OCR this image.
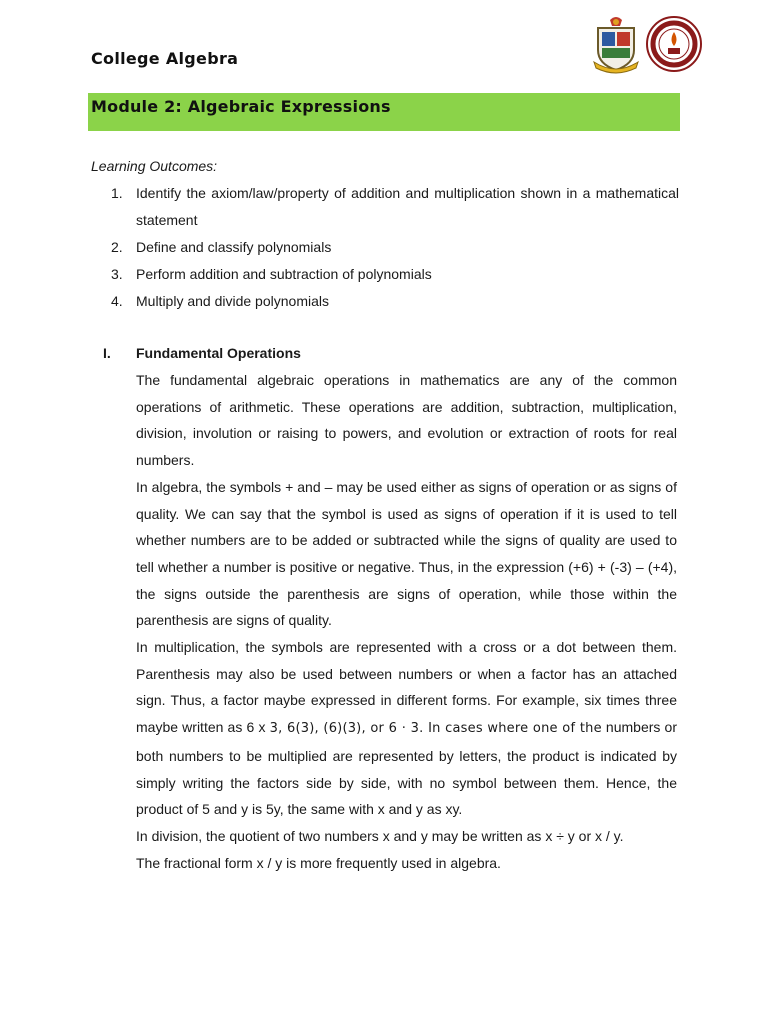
College Algebra
Module 2: Algebraic Expressions
Learning Outcomes:
1. Identify the axiom/law/property of addition and multiplication shown in a mathematical statement
2. Define and classify polynomials
3. Perform addition and subtraction of polynomials
4. Multiply and divide polynomials
I. Fundamental Operations

The fundamental algebraic operations in mathematics are any of the common operations of arithmetic. These operations are addition, subtraction, multiplication, division, involution or raising to powers, and evolution or extraction of roots for real numbers.

In algebra, the symbols + and – may be used either as signs of operation or as signs of quality. We can say that the symbol is used as signs of operation if it is used to tell whether numbers are to be added or subtracted while the signs of quality are used to tell whether a number is positive or negative. Thus, in the expression (+6) + (-3) – (+4), the signs outside the parenthesis are signs of operation, while those within the parenthesis are signs of quality.

In multiplication, the symbols are represented with a cross or a dot between them. Parenthesis may also be used between numbers or when a factor has an attached sign. Thus, a factor maybe expressed in different forms. For example, six times three maybe written as 6 x 3, 6(3), (6)(3), or 6 · 3. In cases where one of the numbers or both numbers to be multiplied are represented by letters, the product is indicated by simply writing the factors side by side, with no symbol between them. Hence, the product of 5 and y is 5y, the same with x and y as xy.

In division, the quotient of two numbers x and y may be written as x ÷ y or x / y.

The fractional form x / y is more frequently used in algebra.
